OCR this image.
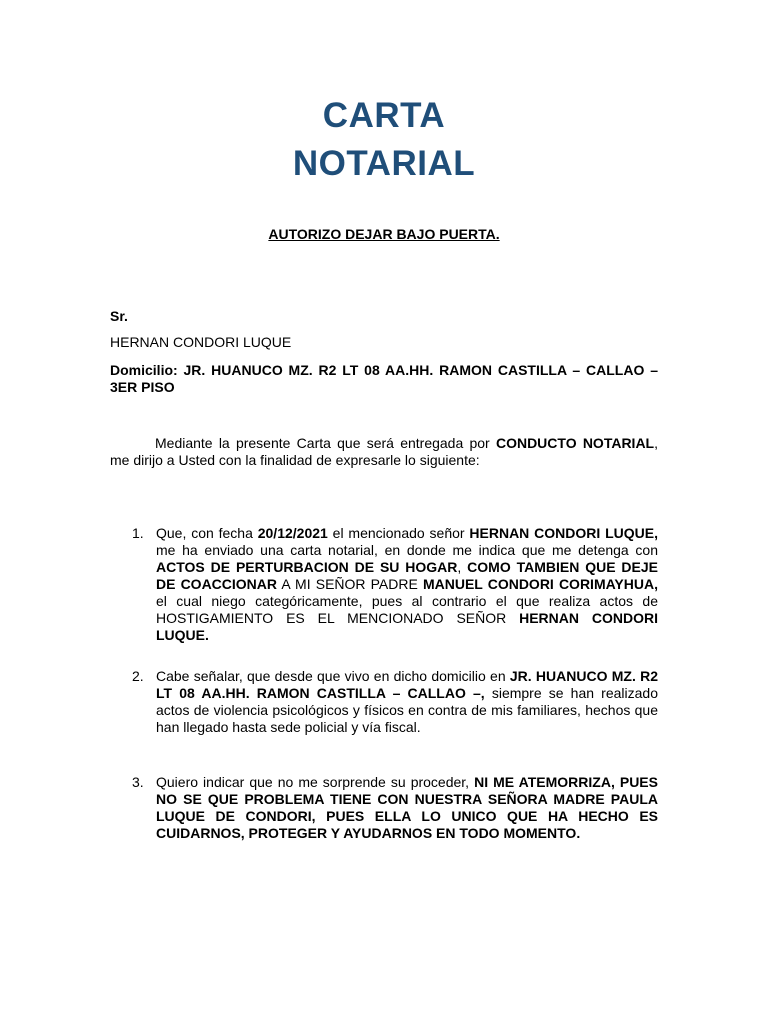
CARTA
NOTARIAL
AUTORIZO DEJAR BAJO PUERTA.
Sr.
HERNAN CONDORI LUQUE
Domicilio: JR. HUANUCO MZ. R2 LT 08 AA.HH. RAMON CASTILLA – CALLAO – 3ER PISO
Mediante la presente Carta que será entregada por CONDUCTO NOTARIAL, me dirijo a Usted con la finalidad de expresarle lo siguiente:
1. Que, con fecha 20/12/2021 el mencionado señor HERNAN CONDORI LUQUE, me ha enviado una carta notarial, en donde me indica que me detenga con ACTOS DE PERTURBACION DE SU HOGAR, COMO TAMBIEN QUE DEJE DE COACCIONAR A MI SEÑOR PADRE MANUEL CONDORI CORIMAYHUA, el cual niego categóricamente, pues al contrario el que realiza actos de HOSTIGAMIENTO ES EL MENCIONADO SEÑOR HERNAN CONDORI LUQUE.
2. Cabe señalar, que desde que vivo en dicho domicilio en JR. HUANUCO MZ. R2 LT 08 AA.HH. RAMON CASTILLA – CALLAO –, siempre se han realizado actos de violencia psicológicos y físicos en contra de mis familiares, hechos que han llegado hasta sede policial y vía fiscal.
3. Quiero indicar que no me sorprende su proceder, NI ME ATEMORRIZA, PUES NO SE QUE PROBLEMA TIENE CON NUESTRA SEÑORA MADRE PAULA LUQUE DE CONDORI, PUES ELLA LO UNICO QUE HA HECHO ES CUIDARNOS, PROTEGER Y AYUDARNOS EN TODO MOMENTO.
